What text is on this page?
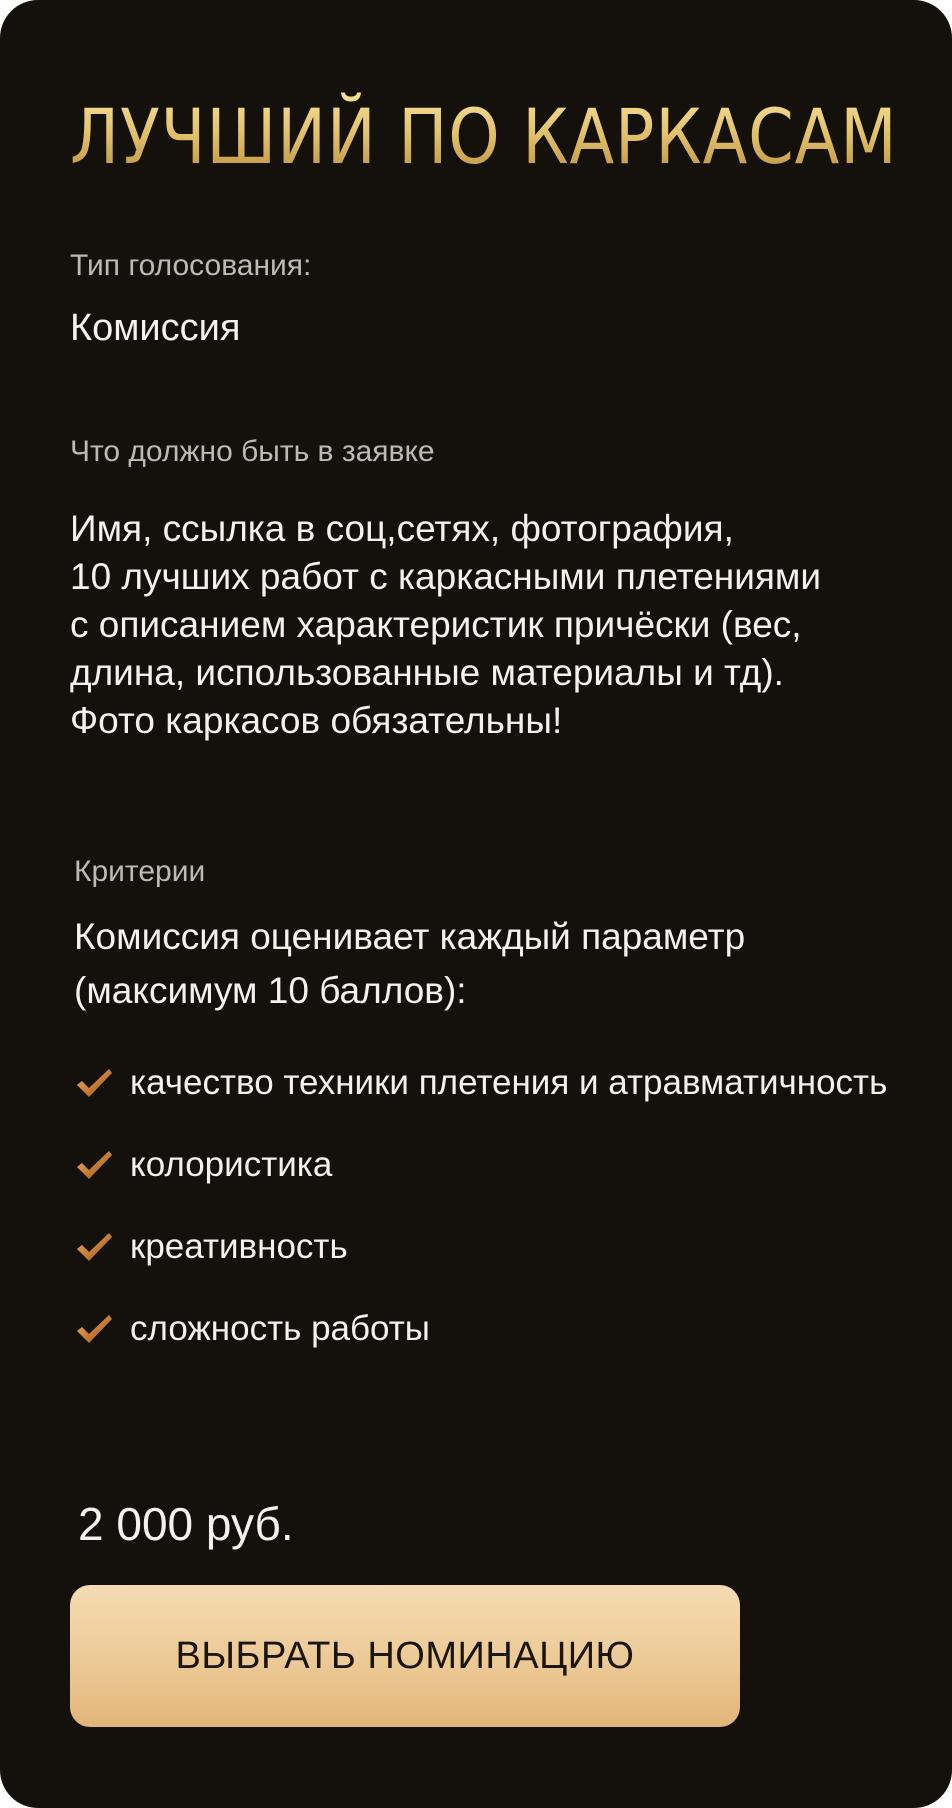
ЛУЧШИЙ ПО КАРКАСАМ
Тип голосования:
Комиссия
Что должно быть в заявке
Имя, ссылка в соц,сетях, фотография,
10 лучших работ с каркасными плетениями
с описанием характеристик причёски (вес,
длина, использованные материалы и тд).
Фото каркасов обязательны!
Критерии
Комиссия оценивает каждый параметр
(максимум 10 баллов):
качество техники плетения и атравматичность
колористика
креативность
сложность работы
2 000 руб.
ВЫБРАТЬ НОМИНАЦИЮ
